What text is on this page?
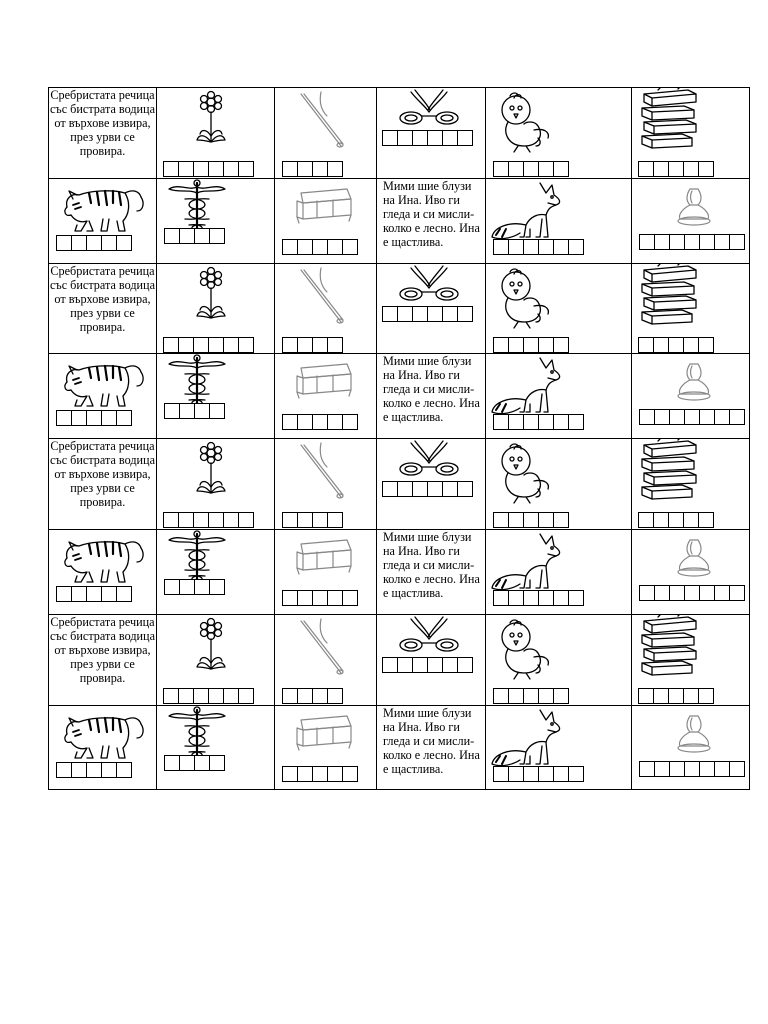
Сребристата речица със бистрата водица от върхове извира, през урви се провира.
Мими шие блузи на Ина. Иво ги гледа и си мисли-колко е лесно. Ина е щастлива.
Сребристата речица със бистрата водица от върхове извира, през урви се провира.
Мими шие блузи на Ина. Иво ги гледа и си мисли-колко е лесно. Ина е щастлива.
Сребристата речица със бистрата водица от върхове извира, през урви се провира.
Мими шие блузи на Ина. Иво ги гледа и си мисли-колко е лесно. Ина е щастлива.
Сребристата речица със бистрата водица от върхове извира, през урви се провира.
Мими шие блузи на Ина. Иво ги гледа и си мисли-колко е лесно. Ина е щастлива.
